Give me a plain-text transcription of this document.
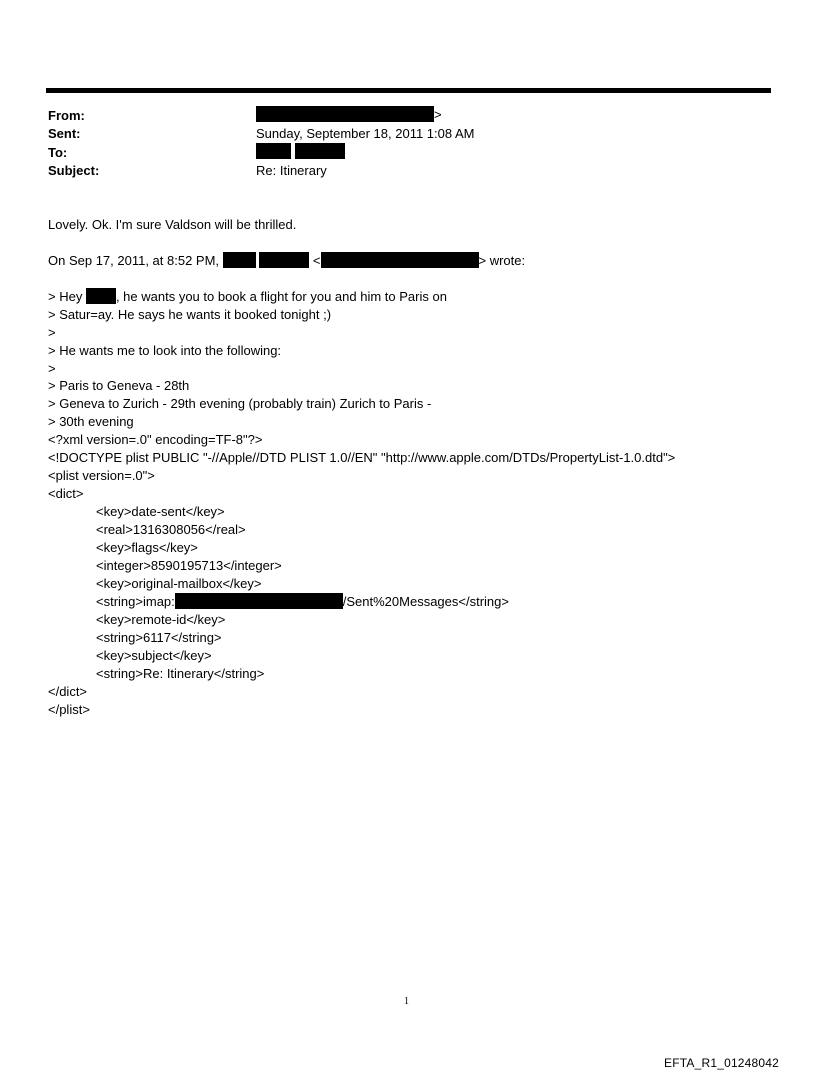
From:	>
Sent:	Sunday, September 18, 2011 1:08 AM
To:

Subject:	Re: Itinerary
Lovely. Ok. I'm sure Valdson will be thrilled.
On Sep 17, 2011, at 8:52 PM,	<	> wrote:
> Hey	, he wants you to book a flight for you and him to Paris on
> Satur=ay. He says he wants it booked tonight ;)
>
> He wants me to look into the following:
>
> Paris to Geneva - 28th
> Geneva to Zurich - 29th evening (probably train) Zurich to Paris -
> 30th evening
<?xml version=.0" encoding=TF-8"?>
<!DOCTYPE plist PUBLIC "-//Apple//DTD PLIST 1.0//EN" "http://www.apple.com/DTDs/PropertyList-1.0.dtd">
<plist version=.0">
<dict>
<key>date-sent</key>
<real>1316308056</real>
<key>flags</key>
<integer>8590195713</integer>
<key>original-mailbox</key>
<string>imap:	/Sent%20Messages</string>
<key>remote-id</key>
<string>6117</string>
<key>subject</key>
<string>Re: Itinerary</string>
</dict>
</plist>
1
EFTA_R1_01248042
